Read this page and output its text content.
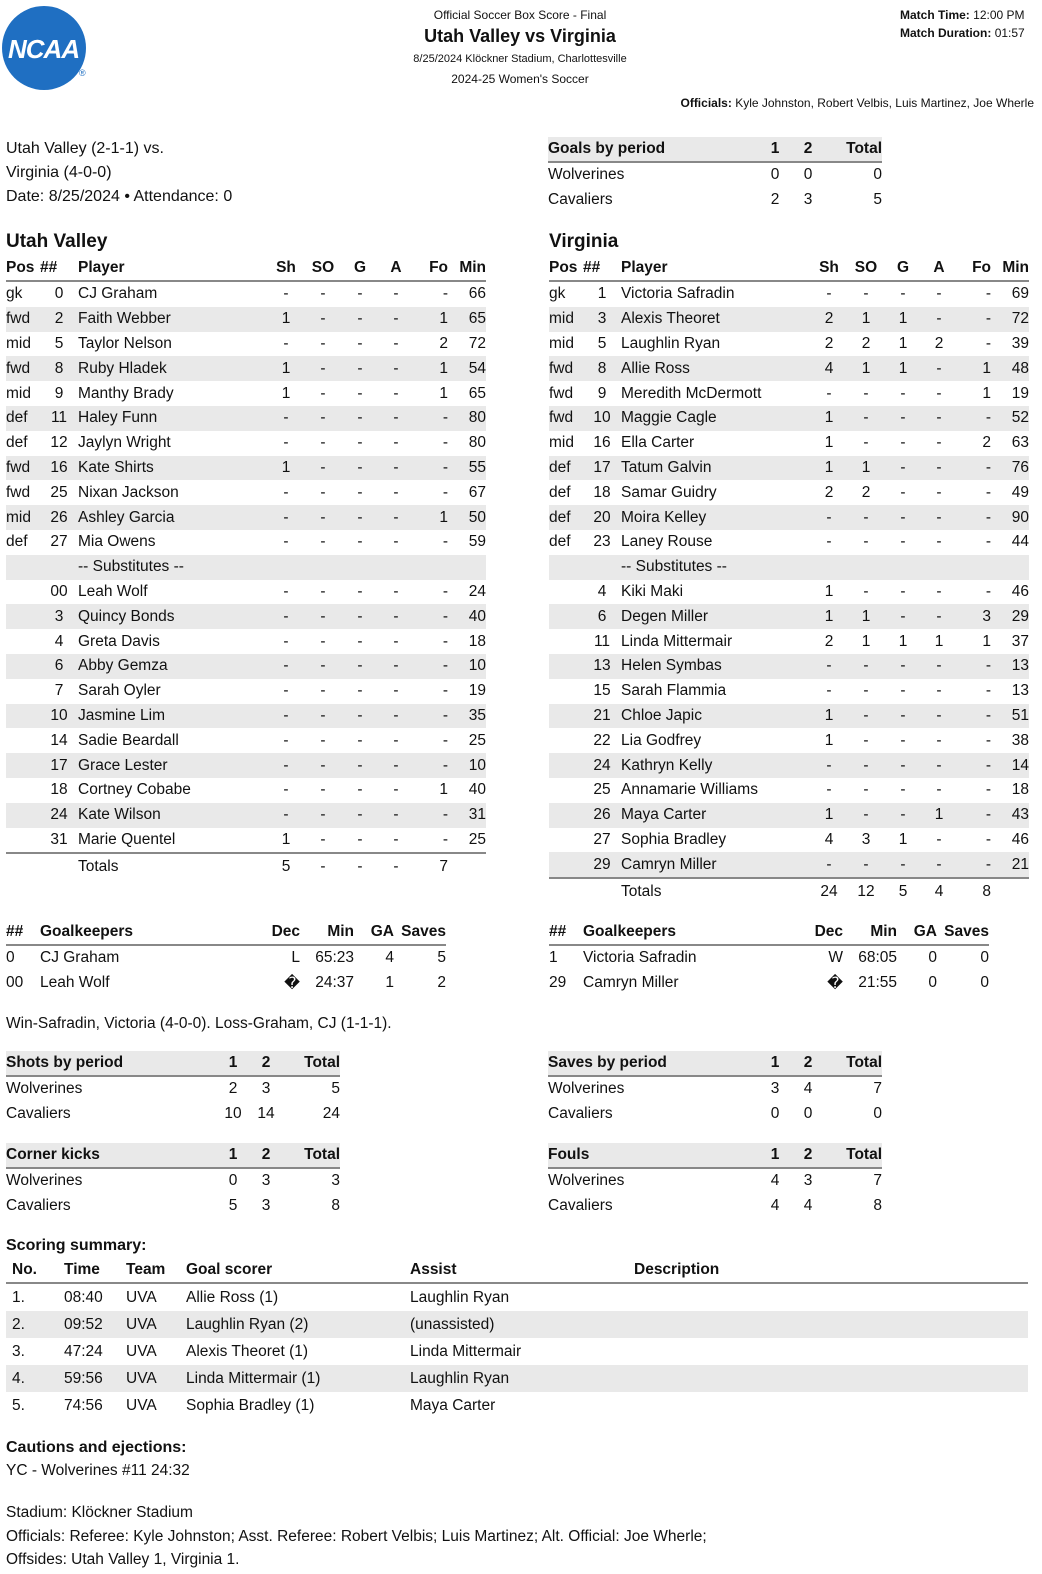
NCAA
®
Official Soccer Box Score - Final
Utah Valley vs Virginia
8/25/2024 Klöckner Stadium, Charlottesville
2024-25 Women's Soccer
Match Time: 12:00 PM
Match Duration: 01:57
Officials: Kyle Johnston, Robert Velbis, Luis Martinez, Joe Wherle
Utah Valley (2-1-1) vs.
Virginia (4-0-0)
Date: 8/25/2024 • Attendance: 0
Goals by period	1	2	Total
Wolverines	0	0	0
Cavaliers	2	3	5
Utah Valley	Virginia
Pos	##	Player	Sh	SO	G	A	Fo	Min
gk	0	CJ Graham	-	-	-	-	-	66
fwd	2	Faith Webber	1	-	-	-	1	65
mid	5	Taylor Nelson	-	-	-	-	2	72
fwd	8	Ruby Hladek	1	-	-	-	1	54
mid	9	Manthy Brady	1	-	-	-	1	65
def	11	Haley Funn	-	-	-	-	-	80
def	12	Jaylyn Wright	-	-	-	-	-	80
fwd	16	Kate Shirts	1	-	-	-	-	55
fwd	25	Nixan Jackson	-	-	-	-	-	67
mid	26	Ashley Garcia	-	-	-	-	1	50
def	27	Mia Owens	-	-	-	-	-	59
		-- Substitutes --						
	00	Leah Wolf	-	-	-	-	-	24
	3	Quincy Bonds	-	-	-	-	-	40
	4	Greta Davis	-	-	-	-	-	18
	6	Abby Gemza	-	-	-	-	-	10
	7	Sarah Oyler	-	-	-	-	-	19
	10	Jasmine Lim	-	-	-	-	-	35
	14	Sadie Beardall	-	-	-	-	-	25
	17	Grace Lester	-	-	-	-	-	10
	18	Cortney Cobabe	-	-	-	-	1	40
	24	Kate Wilson	-	-	-	-	-	31
	31	Marie Quentel	1	-	-	-	-	25
		Totals	5	-	-	-	7	
Pos	##	Player	Sh	SO	G	A	Fo	Min
gk	1	Victoria Safradin	-	-	-	-	-	69
mid	3	Alexis Theoret	2	1	1	-	-	72
mid	5	Laughlin Ryan	2	2	1	2	-	39
fwd	8	Allie Ross	4	1	1	-	1	48
fwd	9	Meredith McDermott	-	-	-	-	1	19
fwd	10	Maggie Cagle	1	-	-	-	-	52
mid	16	Ella Carter	1	-	-	-	2	63
def	17	Tatum Galvin	1	1	-	-	-	76
def	18	Samar Guidry	2	2	-	-	-	49
def	20	Moira Kelley	-	-	-	-	-	90
def	23	Laney Rouse	-	-	-	-	-	44
		-- Substitutes --						
	4	Kiki Maki	1	-	-	-	-	46
	6	Degen Miller	1	1	-	-	3	29
	11	Linda Mittermair	2	1	1	1	1	37
	13	Helen Symbas	-	-	-	-	-	13
	15	Sarah Flammia	-	-	-	-	-	13
	21	Chloe Japic	1	-	-	-	-	51
	22	Lia Godfrey	1	-	-	-	-	38
	24	Kathryn Kelly	-	-	-	-	-	14
	25	Annamarie Williams	-	-	-	-	-	18
	26	Maya Carter	1	-	-	1	-	43
	27	Sophia Bradley	4	3	1	-	-	46
	29	Camryn Miller	-	-	-	-	-	21
		Totals	24	12	5	4	8	
##	Goalkeepers	Dec	Min	GA	Saves
0	CJ Graham	L	65:23	4	5
00	Leah Wolf	�	24:37	1	2
##	Goalkeepers	Dec	Min	GA	Saves
1	Victoria Safradin	W	68:05	0	0
29	Camryn Miller	�	21:55	0	0
Win-Safradin, Victoria (4-0-0). Loss-Graham, CJ (1-1-1).
Shots by period	1	2	Total
Wolverines	2	3	5
Cavaliers	10	14	24
Saves by period	1	2	Total
Wolverines	3	4	7
Cavaliers	0	0	0
Corner kicks	1	2	Total
Wolverines	0	3	3
Cavaliers	5	3	8
Fouls	1	2	Total
Wolverines	4	3	7
Cavaliers	4	4	8
Scoring summary:
No.	Time	Team	Goal scorer	Assist	Description
1.	08:40	UVA	Allie Ross (1)	Laughlin Ryan	
2.	09:52	UVA	Laughlin Ryan (2)	(unassisted)	
3.	47:24	UVA	Alexis Theoret (1)	Linda Mittermair	
4.	59:56	UVA	Linda Mittermair (1)	Laughlin Ryan	
5.	74:56	UVA	Sophia Bradley (1)	Maya Carter	
Cautions and ejections:
YC - Wolverines #11 24:32
Stadium: Klöckner Stadium
Officials: Referee: Kyle Johnston; Asst. Referee: Robert Velbis; Luis Martinez; Alt. Official: Joe Wherle;
Offsides: Utah Valley 1, Virginia 1.
